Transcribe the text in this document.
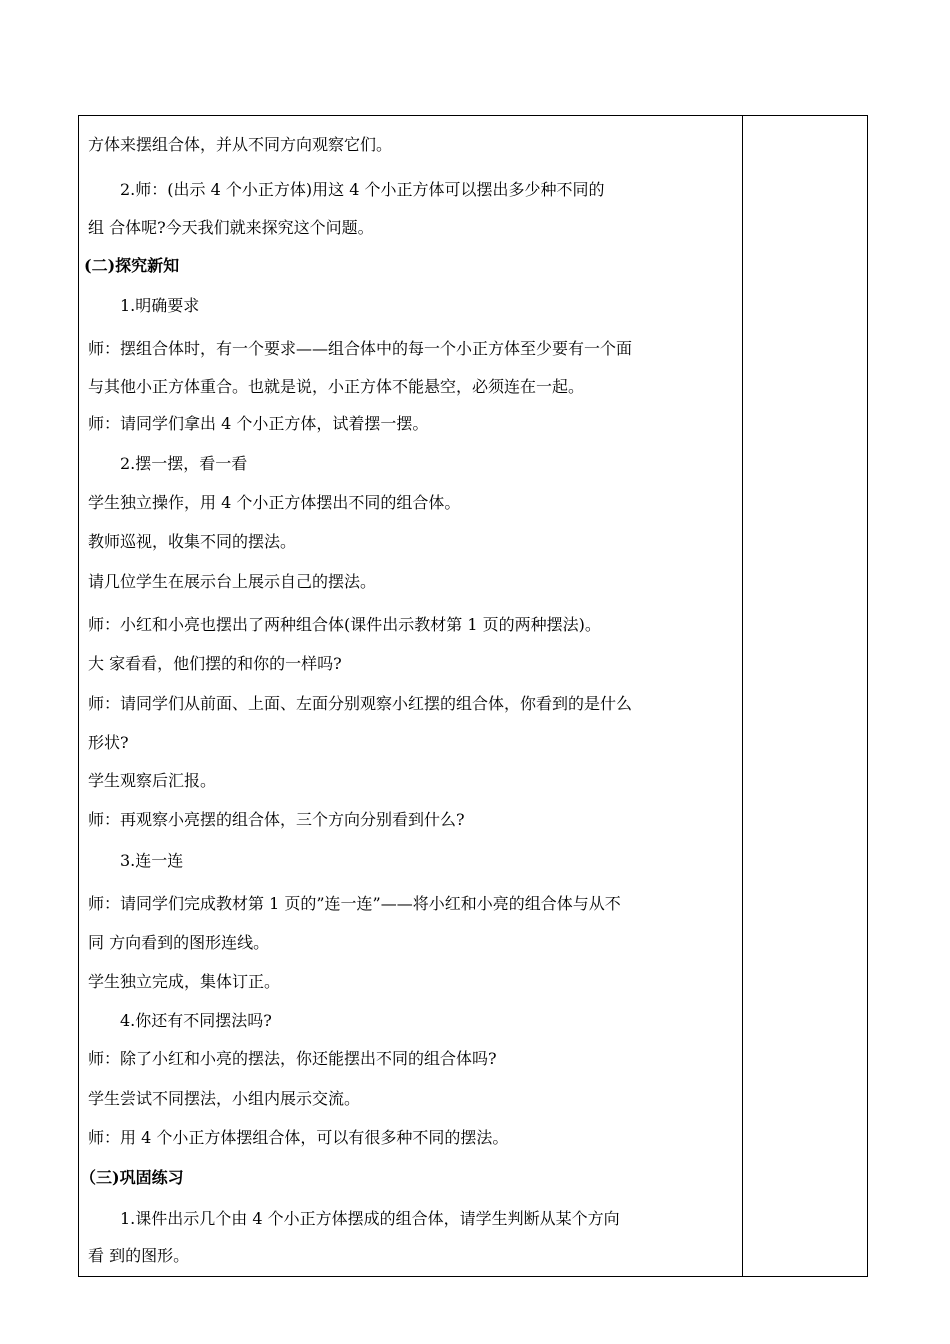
方体来摆组合体，并从不同方向观察它们。
2.师：(出示 4 个小正方体)用这 4 个小正方体可以摆出多少种不同的
组 合体呢?今天我们就来探究这个问题。
(二)探究新知
1.明确要求
师：摆组合体时，有一个要求——组合体中的每一个小正方体至少要有一个面
与其他小正方体重合。也就是说，小正方体不能悬空，必须连在一起。
师：请同学们拿出 4 个小正方体，试着摆一摆。
2.摆一摆，看一看
学生独立操作，用 4 个小正方体摆出不同的组合体。
教师巡视，收集不同的摆法。
请几位学生在展示台上展示自己的摆法。
师：小红和小亮也摆出了两种组合体(课件出示教材第 1 页的两种摆法)。
大 家看看，他们摆的和你的一样吗?
师：请同学们从前面、上面、左面分别观察小红摆的组合体，你看到的是什么
形状?
学生观察后汇报。
师：再观察小亮摆的组合体，三个方向分别看到什么?
3.连一连
师：请同学们完成教材第 1 页的”连一连”——将小红和小亮的组合体与从不
同 方向看到的图形连线。
学生独立完成，集体订正。
4.你还有不同摆法吗?
师：除了小红和小亮的摆法，你还能摆出不同的组合体吗?
学生尝试不同摆法，小组内展示交流。
师：用 4 个小正方体摆组合体，可以有很多种不同的摆法。
（三)巩固练习
1.课件出示几个由 4 个小正方体摆成的组合体，请学生判断从某个方向
看 到的图形。
